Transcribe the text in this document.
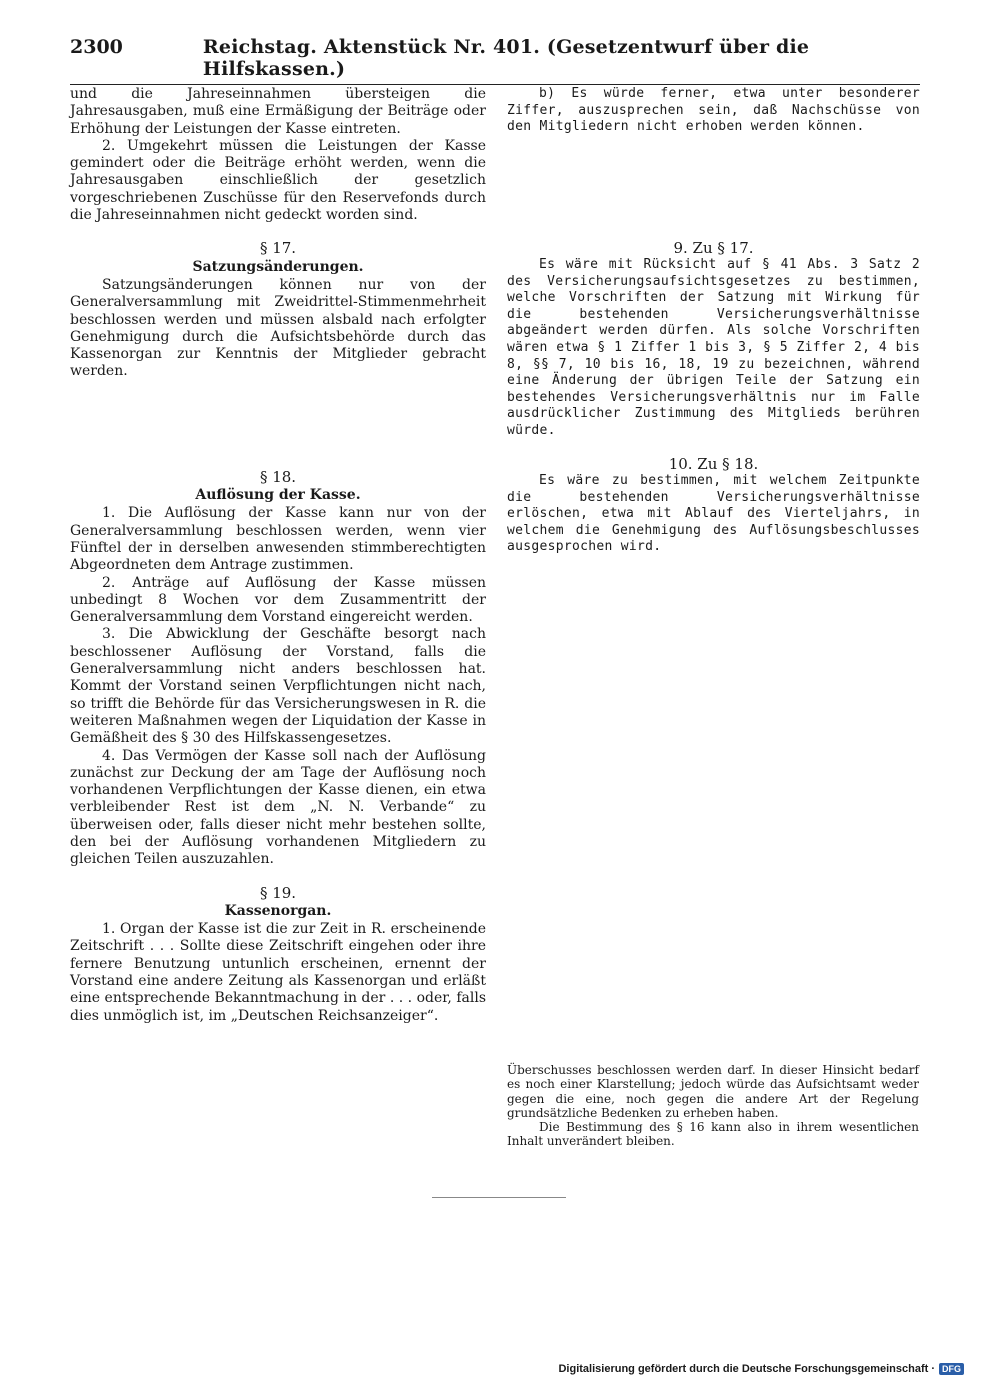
2300	Reichstag. Aktenstück Nr. 401. (Gesetzentwurf über die Hilfskassen.)

und die Jahreseinnahmen übersteigen die Jahresausgaben, muß eine Ermäßigung der Beiträge oder Erhöhung der Leistungen der Kasse eintreten.

2. Umgekehrt müssen die Leistungen der Kasse gemindert oder die Beiträge erhöht werden, wenn die Jahresausgaben einschließlich der gesetzlich vorgeschriebenen Zuschüsse für den Reservefonds durch die Jahreseinnahmen nicht gedeckt worden sind.

§ 17.
Satzungsänderungen.

Satzungsänderungen können nur von der Generalversammlung mit Zweidrittel-Stimmenmehrheit beschlossen werden und müssen alsbald nach erfolgter Genehmigung durch die Aufsichtsbehörde durch das Kassenorgan zur Kenntnis der Mitglieder gebracht werden.

§ 18.
Auflösung der Kasse.

1. Die Auflösung der Kasse kann nur von der Generalversammlung beschlossen werden, wenn vier Fünftel der in derselben anwesenden stimmberechtigten Abgeordneten dem Antrage zustimmen.

2. Anträge auf Auflösung der Kasse müssen unbedingt 8 Wochen vor dem Zusammentritt der Generalversammlung dem Vorstand eingereicht werden.

3. Die Abwicklung der Geschäfte besorgt nach beschlossener Auflösung der Vorstand, falls die Generalversammlung nicht anders beschlossen hat. Kommt der Vorstand seinen Verpflichtungen nicht nach, so trifft die Behörde für das Versicherungswesen in R. die weiteren Maßnahmen wegen der Liquidation der Kasse in Gemäßheit des § 30 des Hilfskassengesetzes.

4. Das Vermögen der Kasse soll nach der Auflösung zunächst zur Deckung der am Tage der Auflösung noch vorhandenen Verpflichtungen der Kasse dienen, ein etwa verbleibender Rest ist dem „N. N. Verbande“ zu überweisen oder, falls dieser nicht mehr bestehen sollte, den bei der Auflösung vorhandenen Mitgliedern zu gleichen Teilen auszuzahlen.

§ 19.
Kassenorgan.

1. Organ der Kasse ist die zur Zeit in R. erscheinende Zeitschrift . . . Sollte diese Zeitschrift eingehen oder ihre fernere Benutzung untunlich erscheinen, ernennt der Vorstand eine andere Zeitung als Kassenorgan und erläßt eine entsprechende Bekanntmachung in der . . . oder, falls dies unmöglich ist, im „Deutschen Reichsanzeiger“.

b) Es würde ferner, etwa unter besonderer Ziffer, auszusprechen sein, daß Nachschüsse von den Mitgliedern nicht erhoben werden können.

9. Zu § 17.

Es wäre mit Rücksicht auf § 41 Abs. 3 Satz 2 des Versicherungsaufsichtsgesetzes zu bestimmen, welche Vorschriften der Satzung mit Wirkung für die bestehenden Versicherungsverhältnisse abgeändert werden dürfen. Als solche Vorschriften wären etwa § 1 Ziffer 1 bis 3, § 5 Ziffer 2, 4 bis 8, §§ 7, 10 bis 16, 18, 19 zu bezeichnen, während eine Änderung der übrigen Teile der Satzung ein bestehendes Versicherungsverhältnis nur im Falle ausdrücklicher Zustimmung des Mitglieds berühren würde.

10. Zu § 18.

Es wäre zu bestimmen, mit welchem Zeitpunkte die bestehenden Versicherungsverhältnisse erlöschen, etwa mit Ablauf des Vierteljahrs, in welchem die Genehmigung des Auflösungsbeschlusses ausgesprochen wird.

Überschusses beschlossen werden darf. In dieser Hinsicht bedarf es noch einer Klarstellung; jedoch würde das Aufsichtsamt weder gegen die eine, noch gegen die andere Art der Regelung grundsätzliche Bedenken zu erheben haben.

Die Bestimmung des § 16 kann also in ihrem wesentlichen Inhalt unverändert bleiben.

Digitalisierung gefördert durch die Deutsche Forschungsgemeinschaft · DFG
